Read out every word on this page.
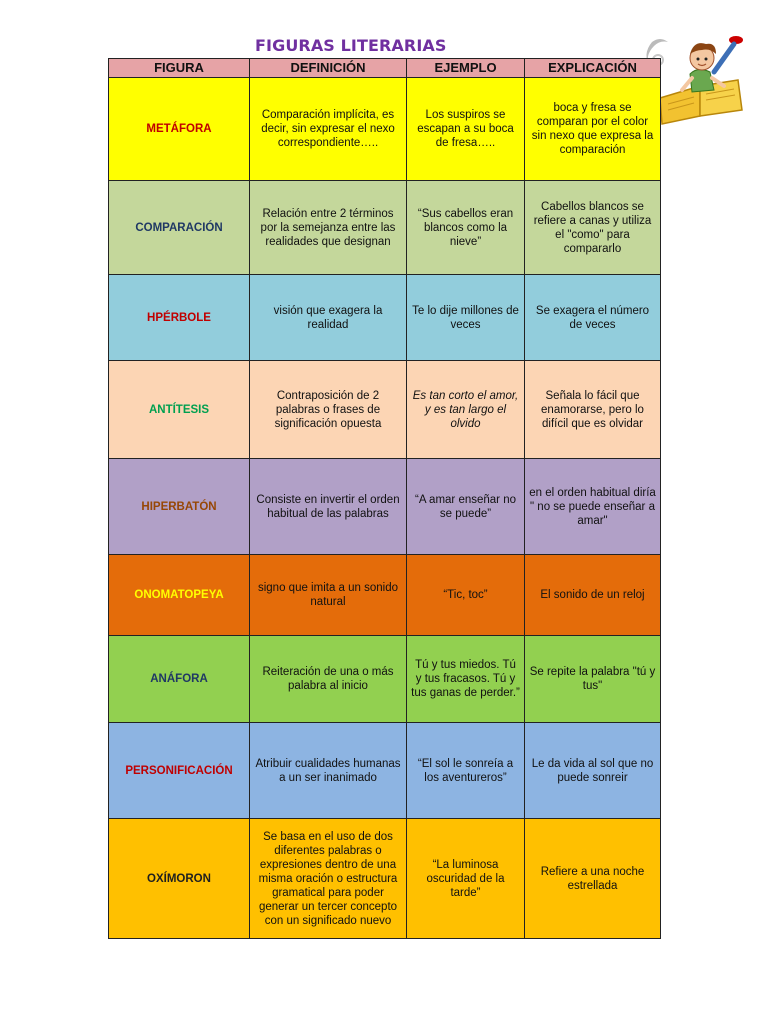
FIGURAS LITERARIAS
FIGURA	DEFINICIÓN	EJEMPLO	EXPLICACIÓN
METÁFORA	Comparación implícita, es decir, sin expresar el nexo correspondiente…..	Los suspiros se escapan a su boca de fresa…..	boca y fresa se comparan por el color sin nexo que expresa la comparación
COMPARACIÓN	Relación entre 2 términos por la semejanza entre las realidades que designan	“Sus cabellos eran blancos como la nieve”	Cabellos blancos se refiere a canas y utiliza el "como" para compararlo
HPÉRBOLE	visión que exagera la realidad	Te lo dije millones de veces	Se exagera el número de veces
ANTÍTESIS	Contraposición de 2 palabras o frases de significación opuesta	Es tan corto el amor, y es tan largo el olvido	Señala lo fácil que enamorarse, pero lo difícil que es olvidar
HIPERBATÓN	Consiste en invertir el orden habitual de las palabras	“A amar enseñar no se puede”	en el orden habitual diría " no se puede enseñar a amar"
ONOMATOPEYA	signo que imita a un sonido natural	“Tic, toc”	El sonido de un reloj
ANÁFORA	Reiteración de una o más palabra al inicio	Tú y tus miedos. Tú y tus fracasos. Tú y tus ganas de perder.”	Se repite la palabra "tú y tus"
PERSONIFICACIÓN	Atribuir cualidades humanas a un ser inanimado	“El sol le sonreía a los aventureros”	Le da vida al sol que no puede sonreir
OXÍMORON	Se basa en el uso de dos diferentes palabras o expresiones dentro de una misma oración o estructura gramatical para poder generar un tercer concepto con un significado nuevo	“La luminosa oscuridad de la tarde”	Refiere a una noche estrellada
